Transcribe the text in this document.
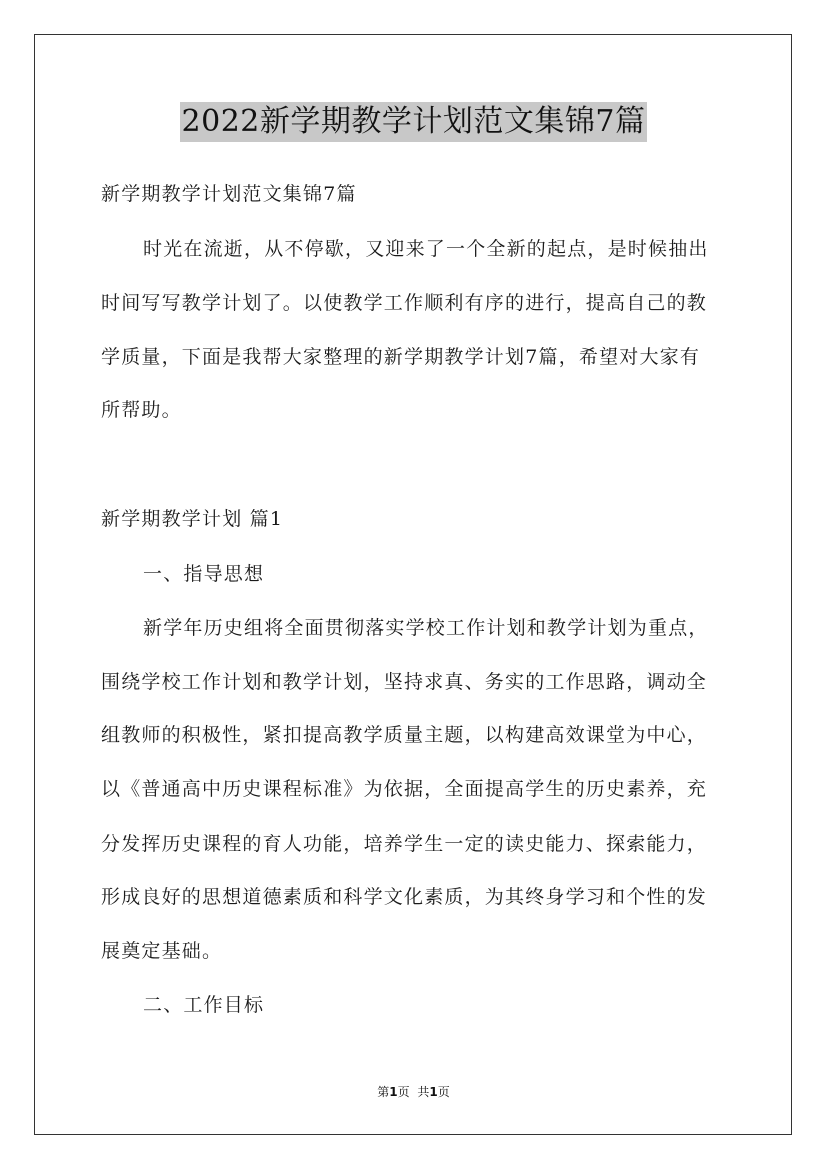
2022新学期教学计划范文集锦7篇
新学期教学计划范文集锦7篇
时光在流逝，从不停歇，又迎来了一个全新的起点，是时候抽出
时间写写教学计划了。以使教学工作顺利有序的进行，提高自己的教
学质量，下面是我帮大家整理的新学期教学计划7篇，希望对大家有
所帮助。
新学期教学计划 篇1
一、指导思想
新学年历史组将全面贯彻落实学校工作计划和教学计划为重点，
围绕学校工作计划和教学计划，坚持求真、务实的工作思路，调动全
组教师的积极性，紧扣提高教学质量主题，以构建高效课堂为中心，
以《普通高中历史课程标准》为依据，全面提高学生的历史素养，充
分发挥历史课程的育人功能，培养学生一定的读史能力、探索能力，
形成良好的思想道德素质和科学文化素质，为其终身学习和个性的发
展奠定基础。
二、工作目标
第1页 共1页
